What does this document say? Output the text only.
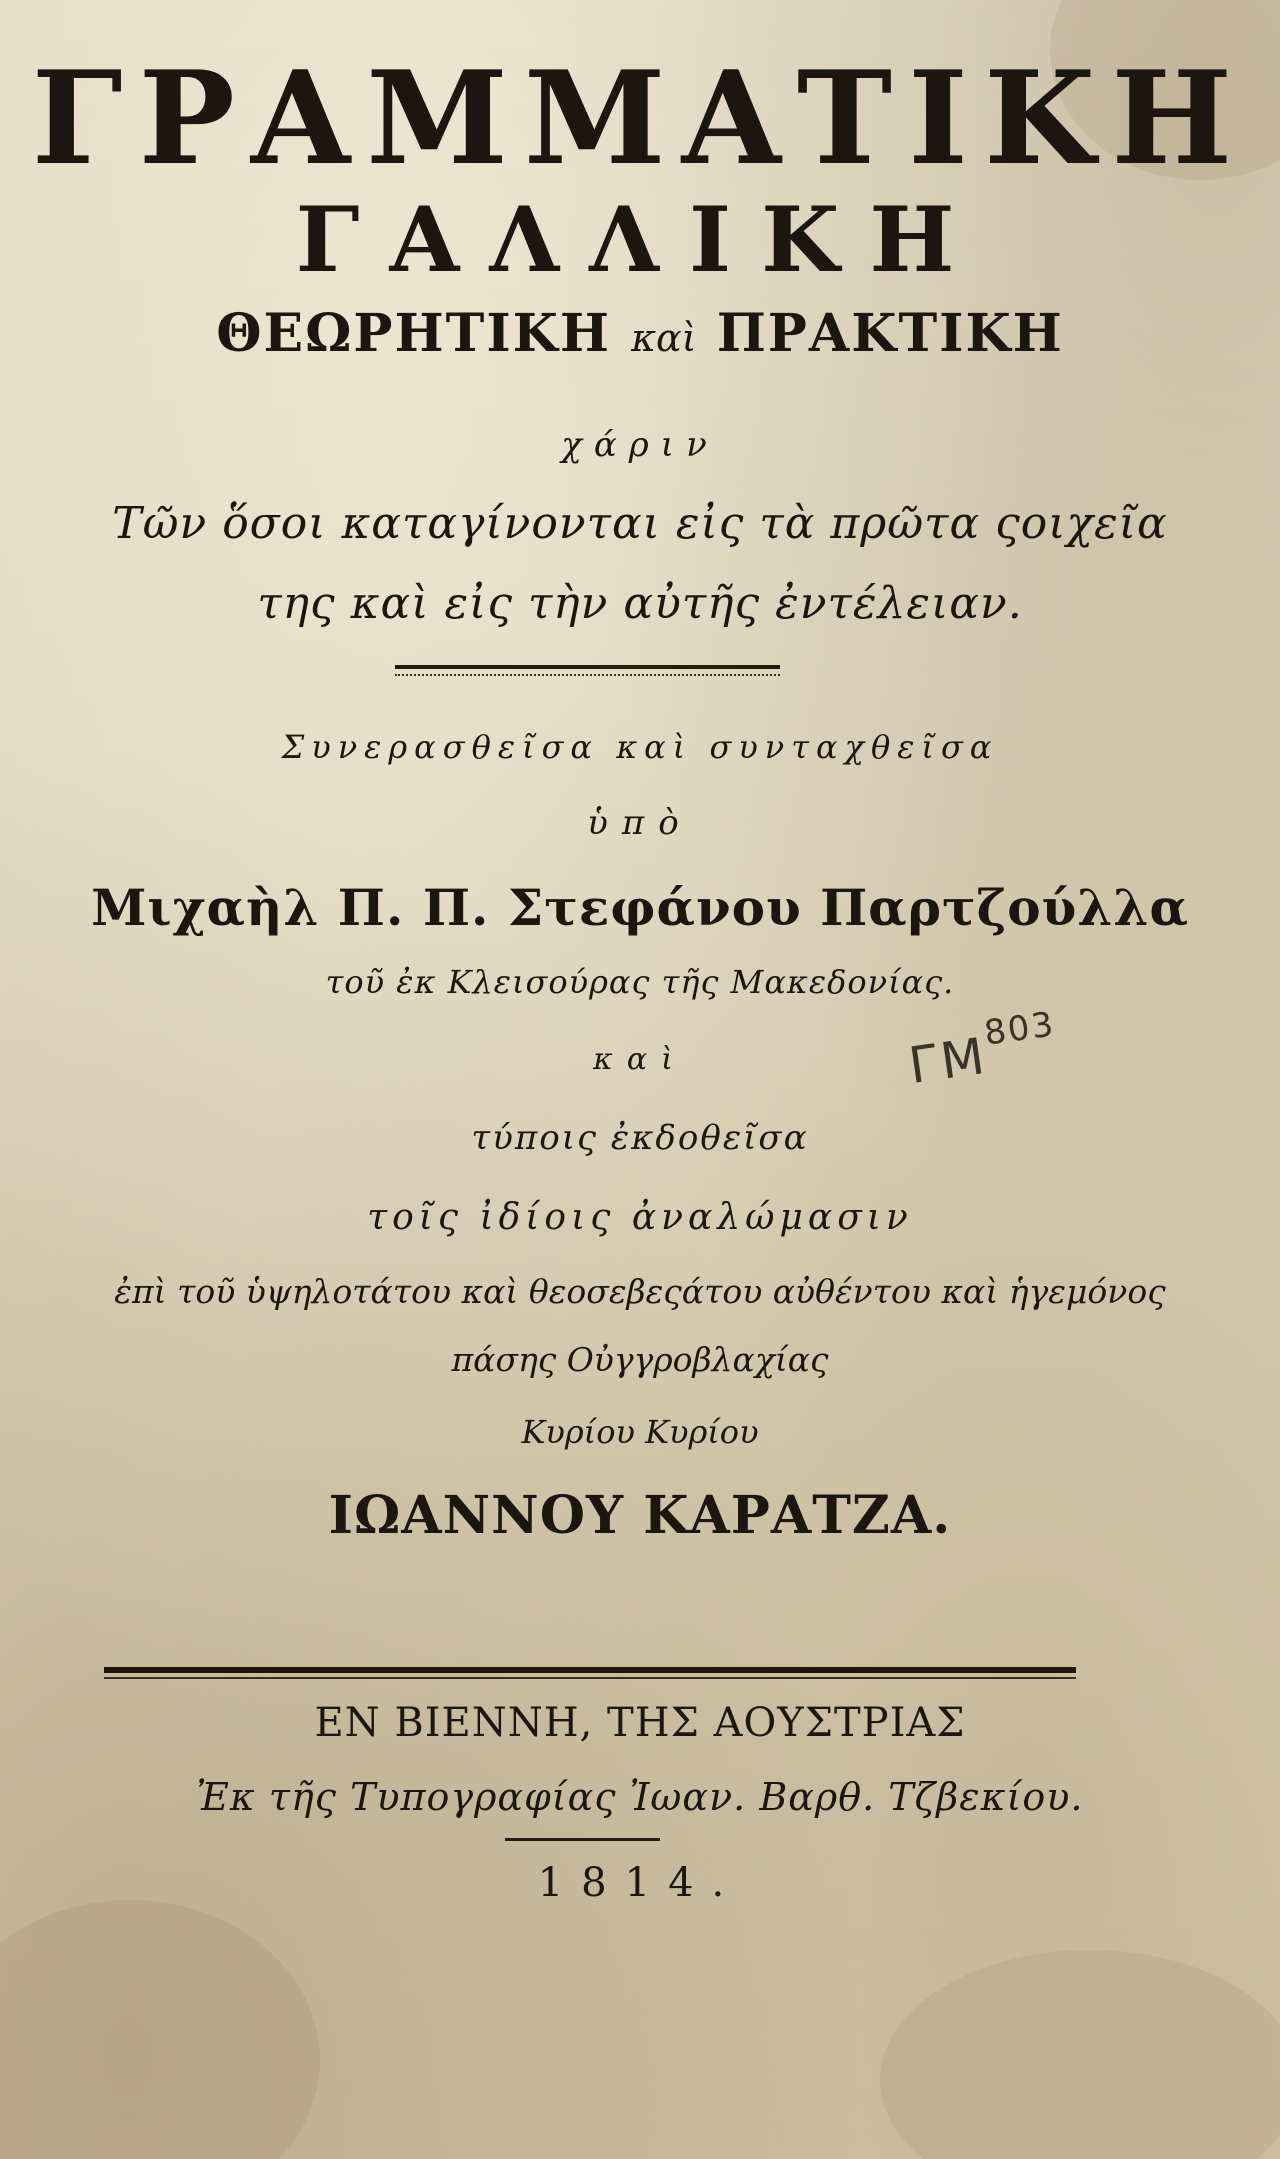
ΓΡΑΜΜΑΤΙΚΗ
ΓΑΛΛΙΚΗ
ΘΕΩΡΗΤΙΚΗ καὶ ΠΡΑΚΤΙΚΗ
χάριν
Τῶν ὅσοι καταγίνονται εἰς τὰ πρῶτα ςοιχεῖα
της καὶ εἰς τὴν αὐτῆς ἐντέλειαν.
Συνερασθεῖσα καὶ συνταχθεῖσα
ὑπὸ
Μιχαὴλ Π. Π. Στεφάνου Παρτζούλλα
τοῦ ἐκ Κλεισούρας τῆς Μακεδονίας.
καὶ
τύποις ἐκδοθεῖσα
τοῖς ἰδίοις ἀναλώμασιν
ἐπὶ τοῦ ὑψηλοτάτου καὶ θεοσεβεςάτου αὐθέντου καὶ ἡγεμόνος
πάσης Οὐγγροβλαχίας
Κυρίου Κυρίου
ΙΩΑΝΝΟΥ ΚΑΡΑΤΖΑ.
ΓΜ$^{803}$
ΕΝ ΒΙΕΝΝΗ, ΤΗΣ ΑΟΥΣΤΡΙΑΣ
Ἐκ τῆς Τυπογραφίας Ἰωαν. Βαρθ. Τζβεκίου.
1814.
